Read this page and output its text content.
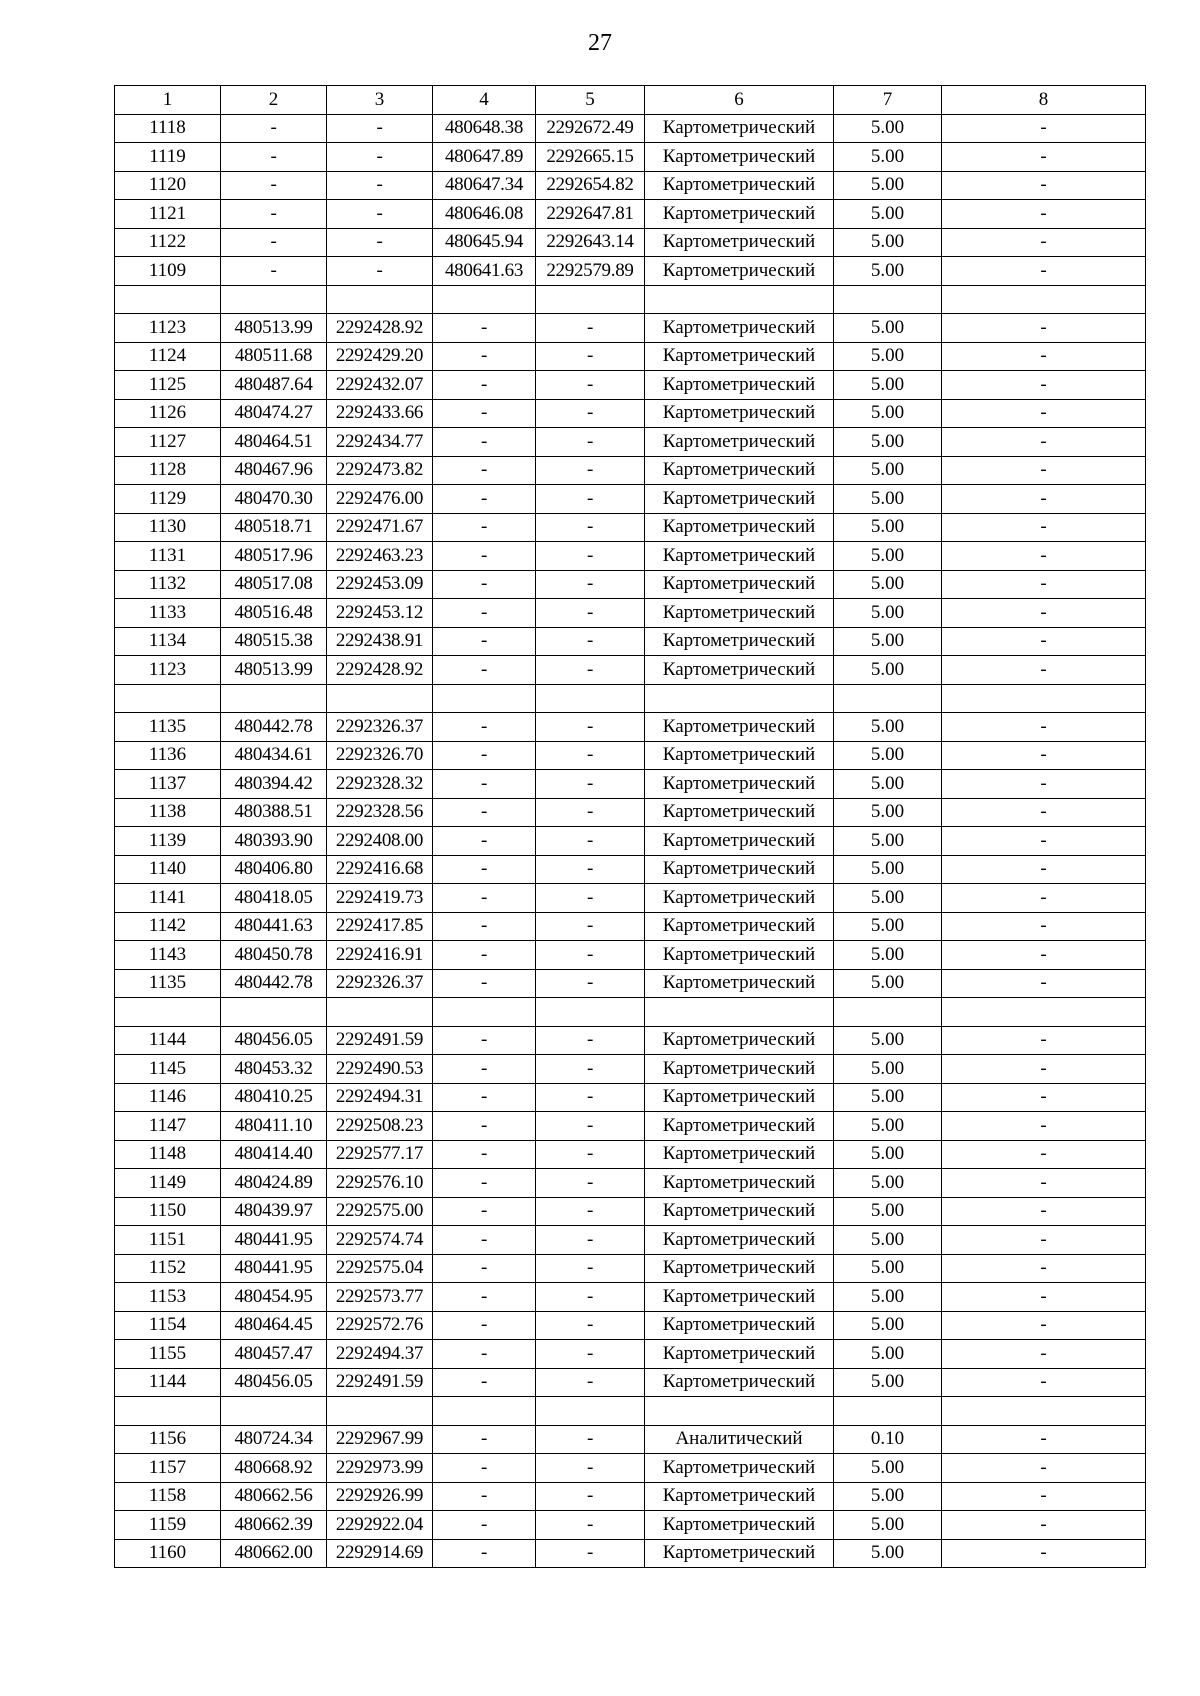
27
1	2	3	4	5	6	7	8
1118	-	-	480648.38	2292672.49	Картометрический	5.00	-
1119	-	-	480647.89	2292665.15	Картометрический	5.00	-
1120	-	-	480647.34	2292654.82	Картометрический	5.00	-
1121	-	-	480646.08	2292647.81	Картометрический	5.00	-
1122	-	-	480645.94	2292643.14	Картометрический	5.00	-
1109	-	-	480641.63	2292579.89	Картометрический	5.00	-

1123	480513.99	2292428.92	-	-	Картометрический	5.00	-
1124	480511.68	2292429.20	-	-	Картометрический	5.00	-
1125	480487.64	2292432.07	-	-	Картометрический	5.00	-
1126	480474.27	2292433.66	-	-	Картометрический	5.00	-
1127	480464.51	2292434.77	-	-	Картометрический	5.00	-
1128	480467.96	2292473.82	-	-	Картометрический	5.00	-
1129	480470.30	2292476.00	-	-	Картометрический	5.00	-
1130	480518.71	2292471.67	-	-	Картометрический	5.00	-
1131	480517.96	2292463.23	-	-	Картометрический	5.00	-
1132	480517.08	2292453.09	-	-	Картометрический	5.00	-
1133	480516.48	2292453.12	-	-	Картометрический	5.00	-
1134	480515.38	2292438.91	-	-	Картометрический	5.00	-
1123	480513.99	2292428.92	-	-	Картометрический	5.00	-

1135	480442.78	2292326.37	-	-	Картометрический	5.00	-
1136	480434.61	2292326.70	-	-	Картометрический	5.00	-
1137	480394.42	2292328.32	-	-	Картометрический	5.00	-
1138	480388.51	2292328.56	-	-	Картометрический	5.00	-
1139	480393.90	2292408.00	-	-	Картометрический	5.00	-
1140	480406.80	2292416.68	-	-	Картометрический	5.00	-
1141	480418.05	2292419.73	-	-	Картометрический	5.00	-
1142	480441.63	2292417.85	-	-	Картометрический	5.00	-
1143	480450.78	2292416.91	-	-	Картометрический	5.00	-
1135	480442.78	2292326.37	-	-	Картометрический	5.00	-

1144	480456.05	2292491.59	-	-	Картометрический	5.00	-
1145	480453.32	2292490.53	-	-	Картометрический	5.00	-
1146	480410.25	2292494.31	-	-	Картометрический	5.00	-
1147	480411.10	2292508.23	-	-	Картометрический	5.00	-
1148	480414.40	2292577.17	-	-	Картометрический	5.00	-
1149	480424.89	2292576.10	-	-	Картометрический	5.00	-
1150	480439.97	2292575.00	-	-	Картометрический	5.00	-
1151	480441.95	2292574.74	-	-	Картометрический	5.00	-
1152	480441.95	2292575.04	-	-	Картометрический	5.00	-
1153	480454.95	2292573.77	-	-	Картометрический	5.00	-
1154	480464.45	2292572.76	-	-	Картометрический	5.00	-
1155	480457.47	2292494.37	-	-	Картометрический	5.00	-
1144	480456.05	2292491.59	-	-	Картометрический	5.00	-

1156	480724.34	2292967.99	-	-	Аналитический	0.10	-
1157	480668.92	2292973.99	-	-	Картометрический	5.00	-
1158	480662.56	2292926.99	-	-	Картометрический	5.00	-
1159	480662.39	2292922.04	-	-	Картометрический	5.00	-
1160	480662.00	2292914.69	-	-	Картометрический	5.00	-
